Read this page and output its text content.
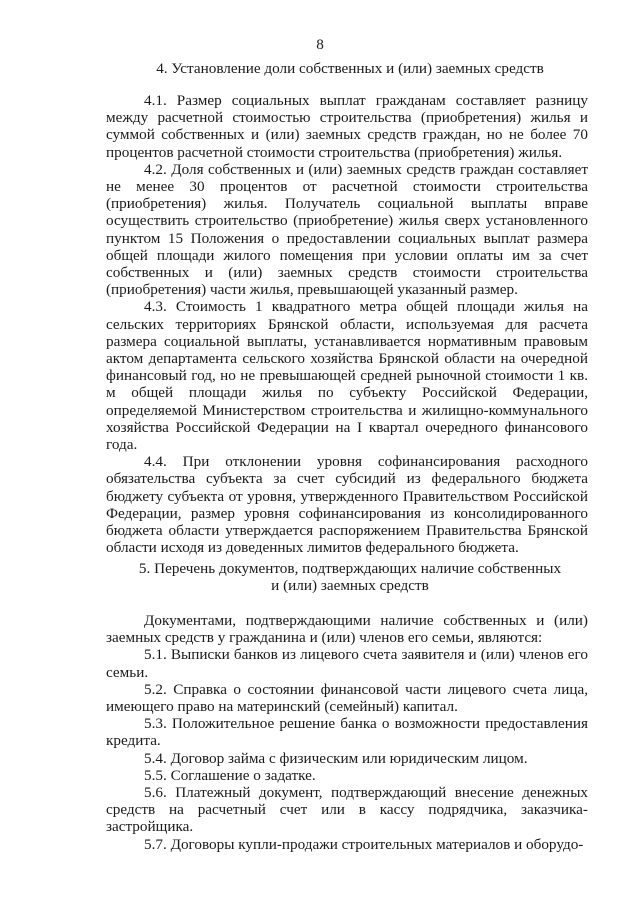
8
4. Установление доли собственных и (или) заемных средств

4.1. Размер социальных выплат гражданам составляет разницу между расчетной стоимостью строительства (приобретения) жилья и суммой собственных и (или) заемных средств граждан, но не более 70 процентов расчетной стоимости строительства (приобретения) жилья.

4.2. Доля собственных и (или) заемных средств граждан составляет не менее 30 процентов от расчетной стоимости строительства (приобретения) жилья. Получатель социальной выплаты вправе осуществить строительство (приобретение) жилья сверх установленного пунктом 15 Положения о предоставлении социальных выплат размера общей площади жилого помещения при условии оплаты им за счет собственных и (или) заемных средств стоимости строительства (приобретения) части жилья, превышающей указанный размер.

4.3. Стоимость 1 квадратного метра общей площади жилья на сельских территориях Брянской области, используемая для расчета размера социальной выплаты, устанавливается нормативным правовым актом департамента сельского хозяйства Брянской области на очередной финансовый год, но не превышающей средней рыночной стоимости 1 кв. м общей площади жилья по субъекту Российской Федерации, определяемой Министерством строительства и жилищно-коммунального хозяйства Российской Федерации на I квартал очередного финансового года.

4.4. При отклонении уровня софинансирования расходного обязательства субъекта за счет субсидий из федерального бюджета бюджету субъекта от уровня, утвержденного Правительством Российской Федерации, размер уровня софинансирования из консолидированного бюджета области утверждается распоряжением Правительства Брянской области исходя из доведенных лимитов федерального бюджета.

5. Перечень документов, подтверждающих наличие собственных
и (или) заемных средств

Документами, подтверждающими наличие собственных и (или) заемных средств у гражданина и (или) членов его семьи, являются:

5.1. Выписки банков из лицевого счета заявителя и (или) членов его семьи.

5.2. Справка о состоянии финансовой части лицевого счета лица, имеющего право на материнский (семейный) капитал.

5.3. Положительное решение банка о возможности предоставления кредита.

5.4. Договор займа с физическим или юридическим лицом.

5.5. Соглашение о задатке.

5.6. Платежный документ, подтверждающий внесение денежных средств на расчетный счет или в кассу подрядчика, заказчика-застройщика.

5.7. Договоры купли-продажи строительных материалов и оборудо-
